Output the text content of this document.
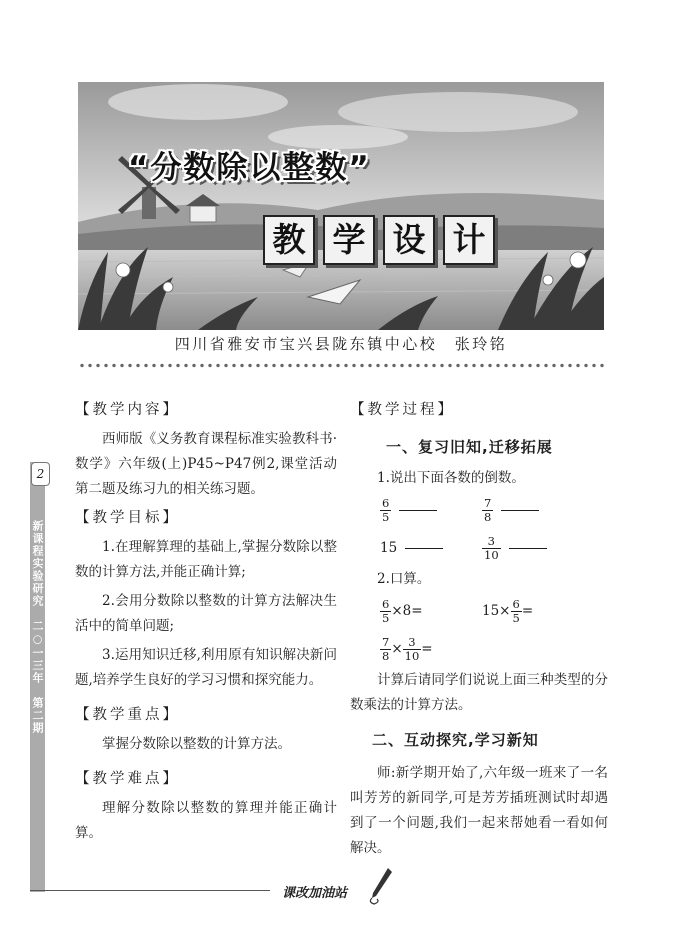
“分数除以整数”
教 学 设 计
四川省雅安市宝兴县陇东镇中心校　张玲铭
2
新课程实验研究　二○一三年　第二期
【教学内容】

西师版《义务教育课程标准实验教科书·数学》六年级(上)P45~P47例2,课堂活动第二题及练习九的相关练习题。

【教学目标】

1.在理解算理的基础上,掌握分数除以整数的计算方法,并能正确计算;

2.会用分数除以整数的计算方法解决生活中的简单问题;

3.运用知识迁移,利用原有知识解决新问题,培养学生良好的学习习惯和探究能力。

【教学重点】

掌握分数除以整数的计算方法。

【教学难点】

理解分数除以整数的算理并能正确计算。

【教学过程】

一、复习旧知,迁移拓展

1.说出下面各数的倒数。

$\frac{6}{5}$	$\frac{7}{8}$
15	$\frac{3}{10}$

2.口算。

$\frac{6}{5} \times 8=$	$15\times \frac{6}{5}$ =
$\frac{7}{8} \times \frac{3}{10}$ =

计算后请同学们说说上面三种类型的分数乘法的计算方法。

二、互动探究,学习新知

师:新学期开始了,六年级一班来了一名叫芳芳的新同学,可是芳芳插班测试时却遇到了一个问题,我们一起来帮她看一看如何解决。

课改加油站
